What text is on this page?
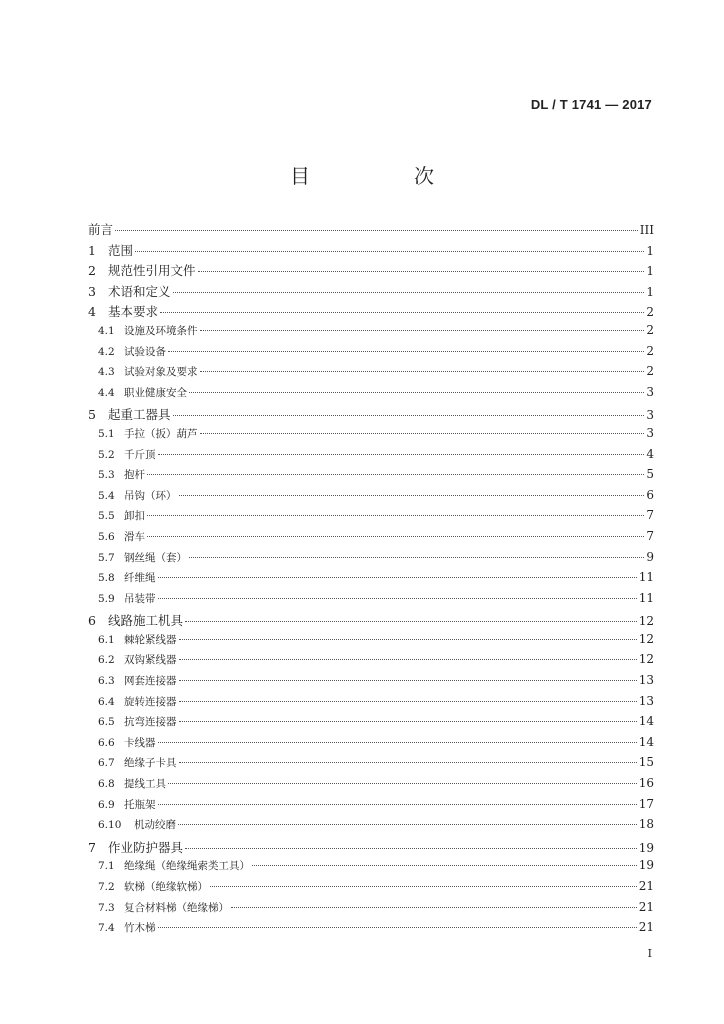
DL / T 1741 — 2017
目　次
前言	III
1 范围	1
2 规范性引用文件	1
3 术语和定义	1
4 基本要求	2
4.1 设施及环境条件	2
4.2 试验设备	2
4.3 试验对象及要求	2
4.4 职业健康安全	3
5 起重工器具	3
5.1 手拉（扳）葫芦	3
5.2 千斤顶	4
5.3 抱杆	5
5.4 吊钩（环）	6
5.5 卸扣	7
5.6 滑车	7
5.7 钢丝绳（套）	9
5.8 纤维绳	11
5.9 吊装带	11
6 线路施工机具	12
6.1 棘轮紧线器	12
6.2 双钩紧线器	12
6.3 网套连接器	13
6.4 旋转连接器	13
6.5 抗弯连接器	14
6.6 卡线器	14
6.7 绝缘子卡具	15
6.8 提线工具	16
6.9 托瓶架	17
6.10	机动绞磨	18
7 作业防护器具	19
7.1 绝缘绳（绝缘绳索类工具）	19
7.2 软梯（绝缘软梯）	21
7.3 复合材料梯（绝缘梯）	21
7.4 竹木梯	21
I
